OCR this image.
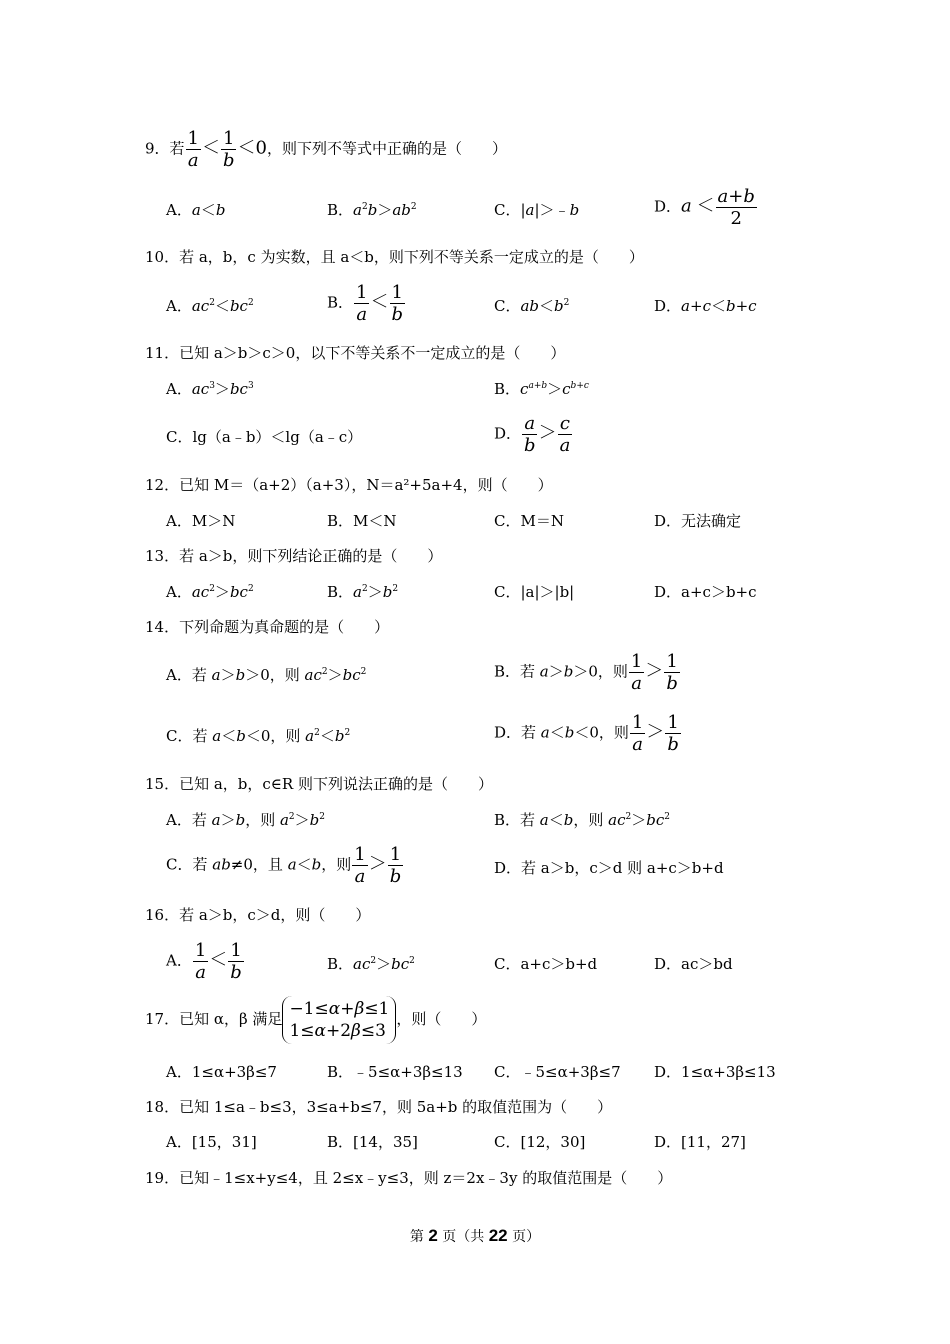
9．若 $\frac{1}{a} < \frac{1}{b} <0$，则下列不等式中正确的是（　　）
A．a＜b	B．$a^2b>ab^2$	C．|a|＞﹣b	D．$a < \frac{a+b}{2}$
10．若 a，b，c 为实数，且 a＜b，则下列不等关系一定成立的是（　　）
A．$ac^2<bc^2$	B． $\frac{1}{a} < \frac{1}{b}$	C．$ab<b^2$	D．a+c＜b+c
11．已知 a＞b＞c＞0，以下不等关系不一定成立的是（　　）
A．$ac^3>bc^3$	B．$c^{a+b}>c^{b+c}$
C．lg（a﹣b）＜lg（a﹣c）	D． $\frac{a}{b} > \frac{c}{a}$
12．已知 M＝（a+2）（a+3），N＝a²+5a+4，则（　　）
A．M＞N	B．M＜N	C．M＝N	D．无法确定
13．若 a＞b，则下列结论正确的是（　　）
A．$ac^2>bc^2$	B．$a^2>b^2$	C．|a|＞|b|	D．a+c＞b+c
14．下列命题为真命题的是（　　）
A．若 a＞b＞0，则 $ac^2>bc^2$	B．若 a＞b＞0，则 $\frac{1}{a} > \frac{1}{b}$
C．若 a＜b＜0，则 $a^2<b^2$	D．若 a＜b＜0，则 $\frac{1}{a} > \frac{1}{b}$
15．已知 a，b，c∈R 则下列说法正确的是（　　）
A．若 a＞b，则 $a^2>b^2$	B．若 a＜b，则 $ac^2>bc^2$
C．若 ab≠0，且 a＜b，则 $\frac{1}{a} > \frac{1}{b}$	D．若 a＞b，c＞d 则 a+c＞b+d
16．若 a＞b，c＞d，则（　　）
A． $\frac{1}{a} < \frac{1}{b}$	B．$ac^2>bc^2$	C．a+c＞b+d	D．ac＞bd
17．已知 α，β 满足 −1≤α+β≤1
1≤α+2β≤3
，则（　　）
A．1≤α+3β≤7	B．﹣5≤α+3β≤13 C．﹣5≤α+3β≤7 D．1≤α+3β≤13
18．已知 1≤a﹣b≤3，3≤a+b≤7，则 5a+b 的取值范围为（　　）
A．[15，31]	B．[14，35]	C．[12，30]	D．[11，27]
19．已知﹣1≤x+y≤4，且 2≤x﹣y≤3，则 z＝2x﹣3y 的取值范围是（　　）
第 2 页（共 22 页）
